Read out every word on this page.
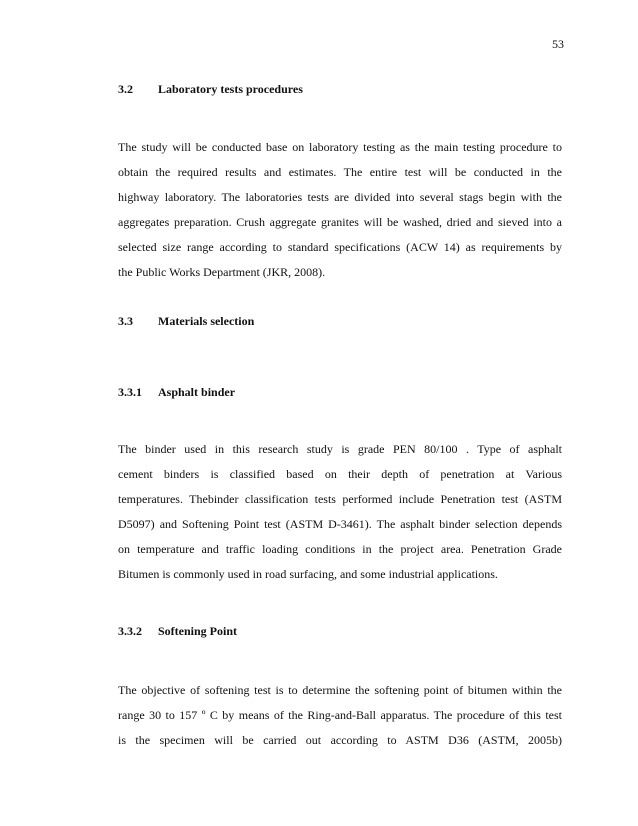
53
3.2 Laboratory tests procedures
The study will be conducted base on laboratory testing as the main testing procedure to
obtain the required results and estimates. The entire test will be conducted in the
highway laboratory. The laboratories tests are divided into several stags begin with the
aggregates preparation. Crush aggregate granites will be washed, dried and sieved into a
selected size range according to standard specifications (ACW 14) as requirements by
the Public Works Department (JKR, 2008).
3.3 Materials selection
3.3.1 Asphalt binder
The binder used in this research study is grade PEN 80/100 . Type of asphalt
cement binders is classified based on their depth of penetration at Various
temperatures. Thebinder classification tests performed include Penetration test (ASTM
D5097) and Softening Point test (ASTM D-3461). The asphalt binder selection depends
on temperature and traffic loading conditions in the project area. Penetration Grade
Bitumen is commonly used in road surfacing, and some industrial applications.
3.3.2 Softening Point
The objective of softening test is to determine the softening point of bitumen within the
range 30 to 157 º C by means of the Ring-and-Ball apparatus. The procedure of this test
is the specimen will be carried out according to ASTM D36 (ASTM, 2005b)
